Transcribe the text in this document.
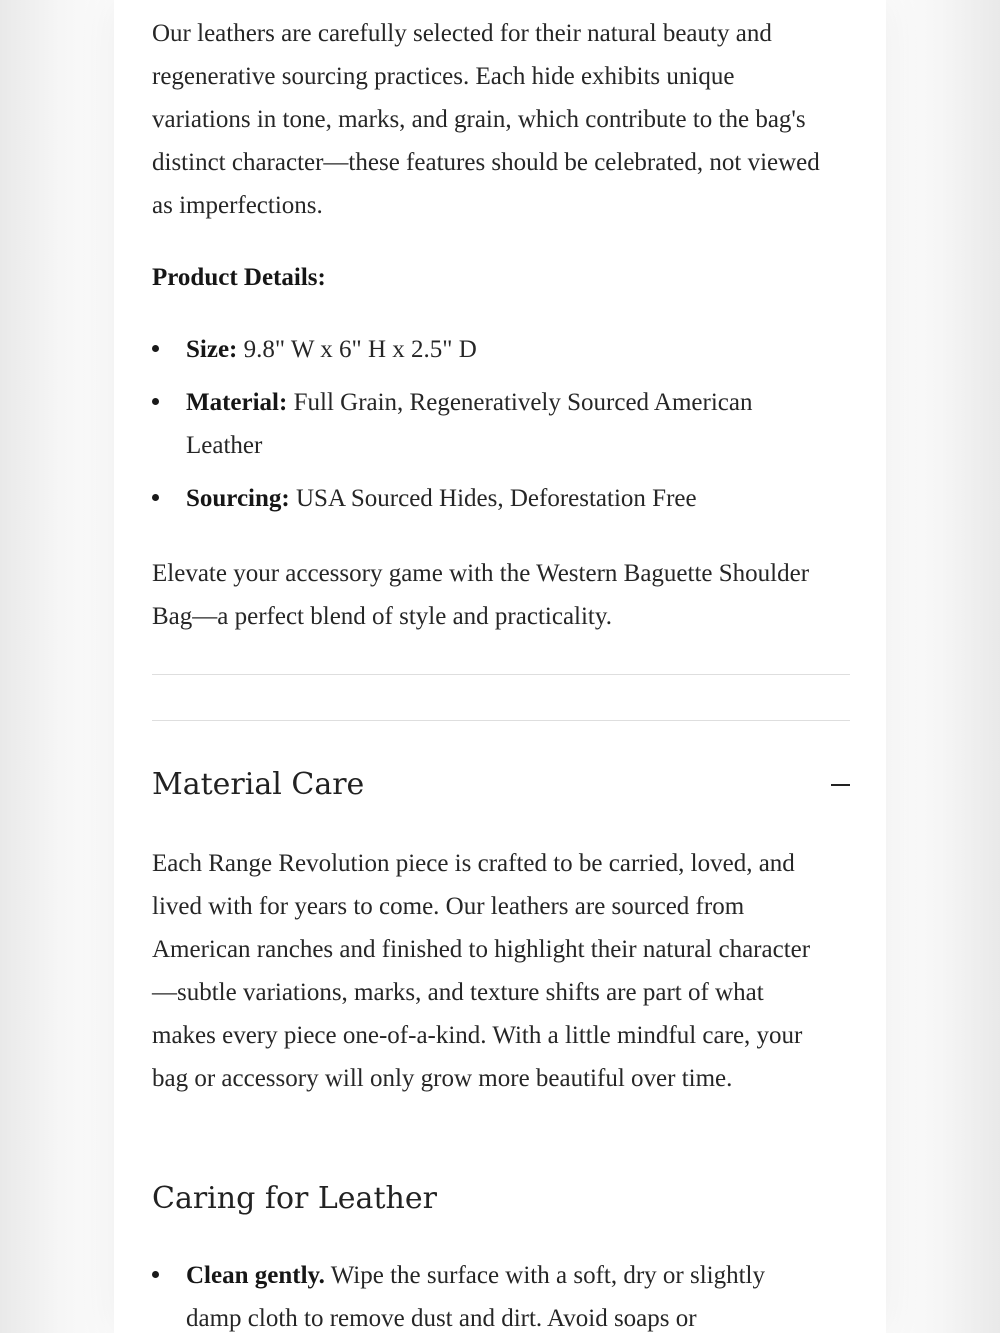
Our leathers are carefully selected for their natural beauty and regenerative sourcing practices. Each hide exhibits unique variations in tone, marks, and grain, which contribute to the bag's distinct character—these features should be celebrated, not viewed as imperfections.

Product Details:
Size: 9.8" W x 6" H x 2.5" D
Material: Full Grain, Regeneratively Sourced American Leather
Sourcing: USA Sourced Hides, Deforestation Free

Elevate your accessory game with the Western Baguette Shoulder Bag—a perfect blend of style and practicality.

Material Care

Each Range Revolution piece is crafted to be carried, loved, and lived with for years to come. Our leathers are sourced from American ranches and finished to highlight their natural character—subtle variations, marks, and texture shifts are part of what makes every piece one-of-a-kind. With a little mindful care, your bag or accessory will only grow more beautiful over time.

Caring for Leather
Clean gently. Wipe the surface with a soft, dry or slightly damp cloth to remove dust and dirt. Avoid soaps or
